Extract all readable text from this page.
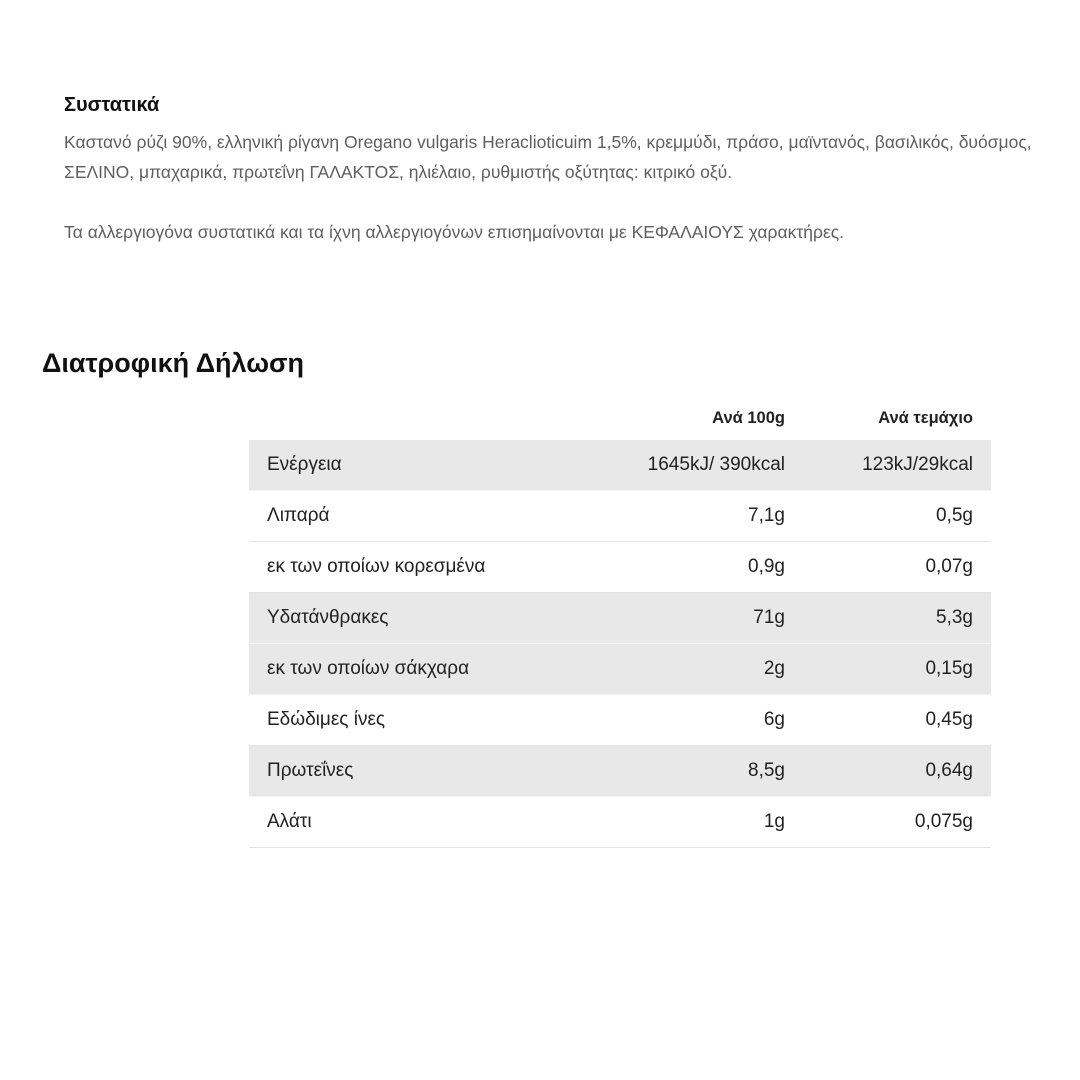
Συστατικά

Καστανό ρύζι 90%, ελληνική ρίγανη Oregano vulgaris Heraclioticuim 1,5%, κρεμμύδι, πράσο, μαϊντανός, βασιλικός, δυόσμος, ΣΕΛΙΝΟ, μπαχαρικά, πρωτεΐνη ΓΑΛΑΚΤΟΣ, ηλιέλαιο, ρυθμιστής οξύτητας: κιτρικό οξύ.

Τα αλλεργιογόνα συστατικά και τα ίχνη αλλεργιογόνων επισημαίνονται με ΚΕΦΑΛΑΙΟΥΣ χαρακτήρες.

Διατροφική Δήλωση
	Ανά 100g	Ανά τεμάχιο
Ενέργεια	1645kJ/ 390kcal	123kJ/29kcal
Λιπαρά	7,1g	0,5g
εκ των οποίων κορεσμένα	0,9g	0,07g
Υδατάνθρακες	71g	5,3g
εκ των οποίων σάκχαρα	2g	0,15g
Εδώδιμες ίνες	6g	0,45g
Πρωτεΐνες	8,5g	0,64g
Αλάτι	1g	0,075g
